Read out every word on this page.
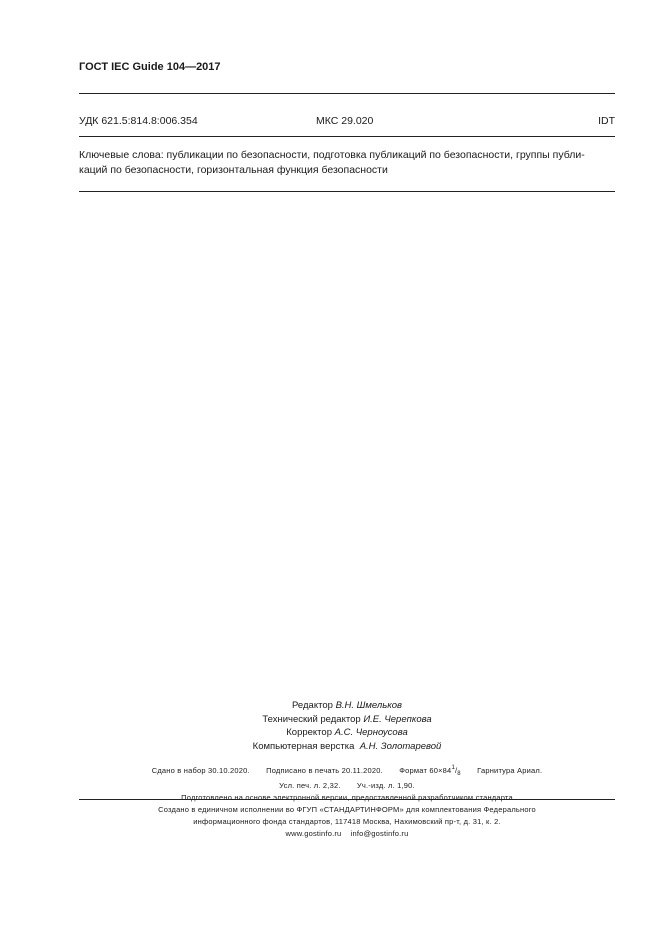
ГОСТ IEC Guide 104—2017
УДК 621.5:814.8:006.354	МКС 29.020	IDT
Ключевые слова: публикации по безопасности, подготовка публикаций по безопасности, группы публи-
каций по безопасности, горизонтальная функция безопасности
Редактор В.Н. Шмельков
Технический редактор И.Е. Черепкова
Корректор А.С. Черноусова
Компьютерная верстка А.Н. Золотаревой
Сдано в набор 30.10.2020. Подписано в печать 20.11.2020. Формат $60\times 84^1/_8$ Гарнитура Ариал.
Усл. печ. л. 2,32. Уч.-изд. л. 1,90.
Подготовлено на основе электронной версии, предоставленной разработчиком стандарта
Создано в единичном исполнении во ФГУП «СТАНДАРТИНФОРМ» для комплектования Федерального
информационного фонда стандартов, 117418 Москва, Нахимовский пр-т, д. 31, к. 2.
www.gostinfo.ru info@gostinfo.ru
